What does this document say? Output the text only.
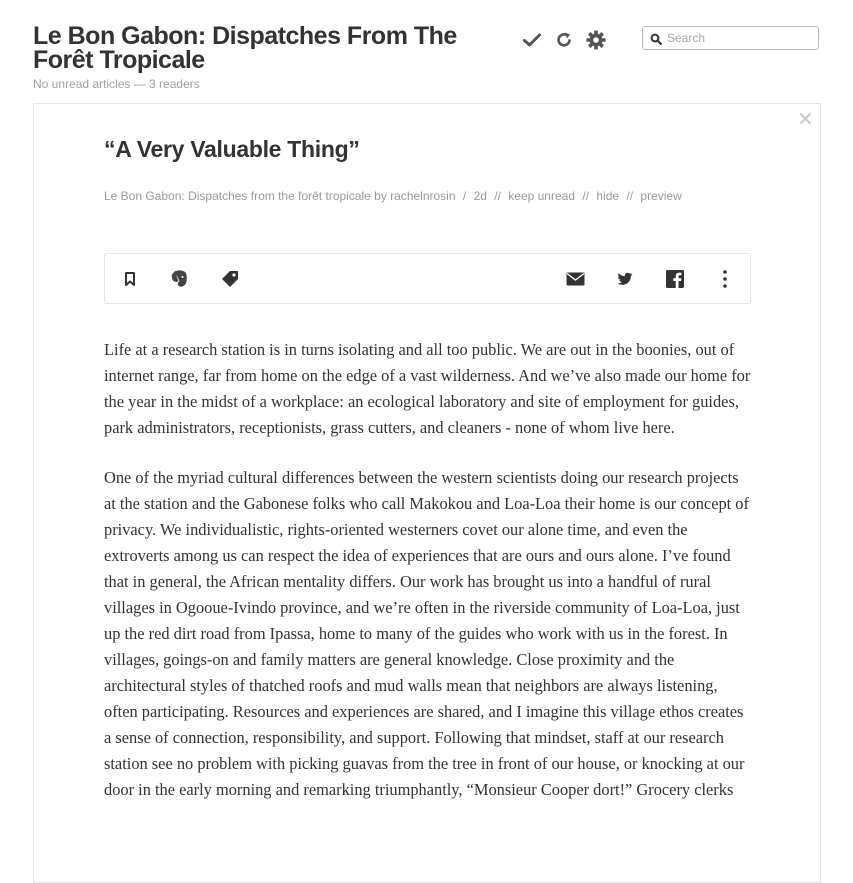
Le Bon Gabon: Dispatches From The Forêt Tropicale
No unread articles — 3 readers
Search
✕
“A Very Valuable Thing”
Le Bon Gabon: Dispatches from the forêt tropicale by rachelnrosin / 2d // keep unread // hide // preview

Life at a research station is in turns isolating and all too public. We are out in the boonies, out of internet range, far from home on the edge of a vast wilderness. And we’ve also made our home for the year in the midst of a workplace: an ecological laboratory and site of employment for guides, park administrators, receptionists, grass cutters, and cleaners - none of whom live here.

One of the myriad cultural differences between the western scientists doing our research projects at the station and the Gabonese folks who call Makokou and Loa-Loa their home is our concept of privacy. We individualistic, rights-oriented westerners covet our alone time, and even the extroverts among us can respect the idea of experiences that are ours and ours alone. I’ve found that in general, the African mentality differs. Our work has brought us into a handful of rural villages in Ogooue-Ivindo province, and we’re often in the riverside community of Loa-Loa, just up the red dirt road from Ipassa, home to many of the guides who work with us in the forest. In villages, goings-on and family matters are general knowledge. Close proximity and the architectural styles of thatched roofs and mud walls mean that neighbors are always listening, often participating. Resources and experiences are shared, and I imagine this village ethos creates a sense of connection, responsibility, and support. Following that mindset, staff at our research station see no problem with picking guavas from the tree in front of our house, or knocking at our door in the early morning and remarking triumphantly, “Monsieur Cooper dort!” Grocery clerks
